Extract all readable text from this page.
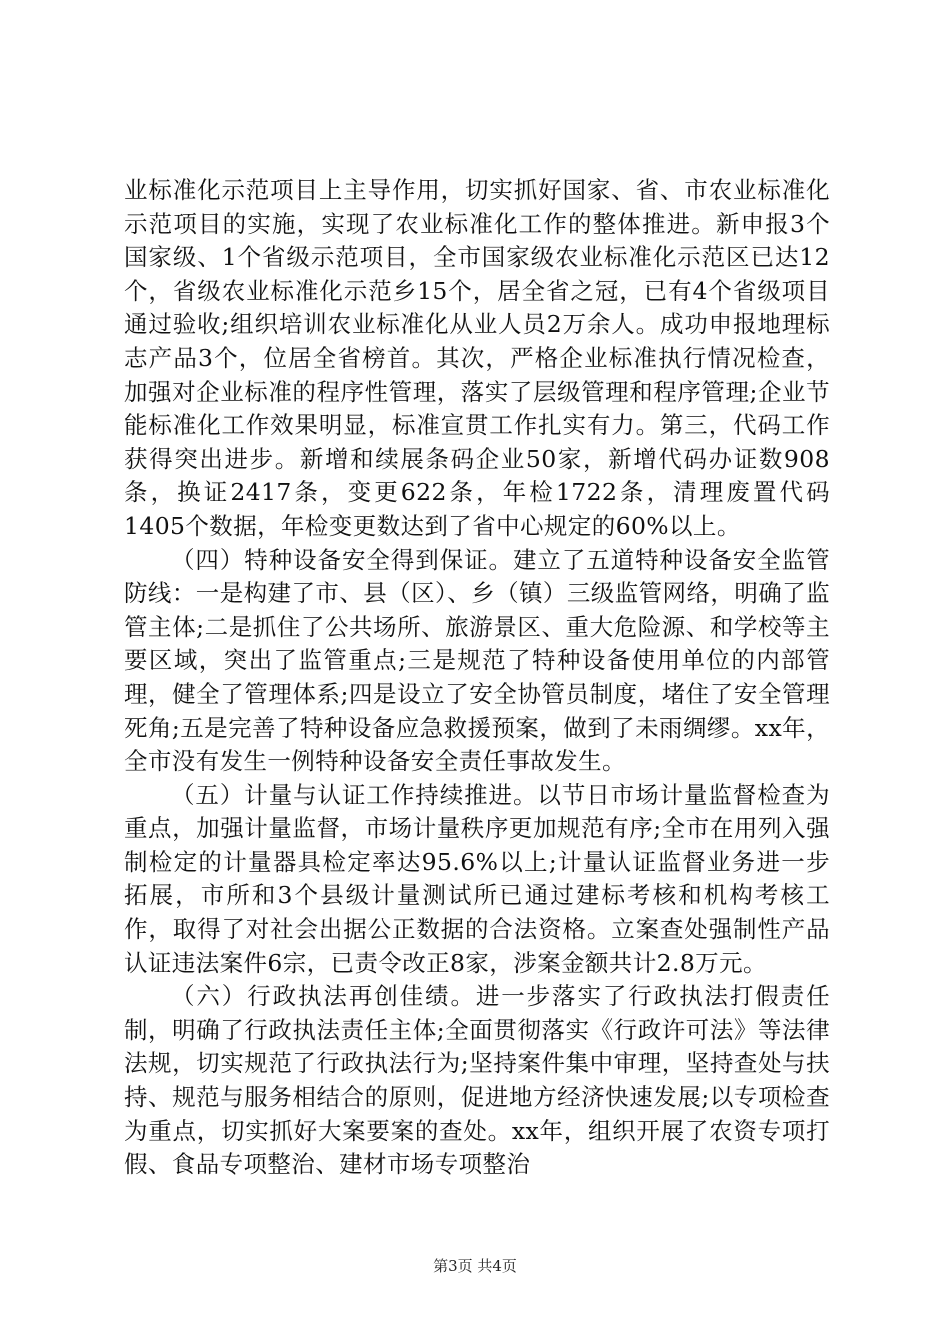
业标准化示范项目上主导作用，切实抓好国家、省、市农业标准化示范项目的实施，实现了农业标准化工作的整体推进。新申报3个国家级、1个省级示范项目，全市国家级农业标准化示范区已达12个，省级农业标准化示范乡15个，居全省之冠，已有4个省级项目通过验收;组织培训农业标准化从业人员2万余人。成功申报地理标志产品3个，位居全省榜首。其次，严格企业标准执行情况检查，加强对企业标准的程序性管理，落实了层级管理和程序管理;企业节能标准化工作效果明显，标准宣贯工作扎实有力。第三，代码工作获得突出进步。新增和续展条码企业50家，新增代码办证数908条，换证2417条，变更622条，年检1722条，清理废置代码1405个数据，年检变更数达到了省中心规定的60%以上。

（四）特种设备安全得到保证。建立了五道特种设备安全监管防线：一是构建了市、县（区）、乡（镇）三级监管网络，明确了监管主体;二是抓住了公共场所、旅游景区、重大危险源、和学校等主要区域，突出了监管重点;三是规范了特种设备使用单位的内部管理，健全了管理体系;四是设立了安全协管员制度，堵住了安全管理死角;五是完善了特种设备应急救援预案，做到了未雨绸缪。xx年，全市没有发生一例特种设备安全责任事故发生。

（五）计量与认证工作持续推进。以节日市场计量监督检查为重点，加强计量监督，市场计量秩序更加规范有序;全市在用列入强制检定的计量器具检定率达95.6%以上;计量认证监督业务进一步拓展，市所和3个县级计量测试所已通过建标考核和机构考核工作，取得了对社会出据公正数据的合法资格。立案查处强制性产品认证违法案件6宗，已责令改正8家，涉案金额共计2.8万元。

（六）行政执法再创佳绩。进一步落实了行政执法打假责任制，明确了行政执法责任主体;全面贯彻落实《行政许可法》等法律法规，切实规范了行政执法行为;坚持案件集中审理，坚持查处与扶持、规范与服务相结合的原则，促进地方经济快速发展;以专项检查为重点，切实抓好大案要案的查处。xx年，组织开展了农资专项打假、食品专项整治、建材市场专项整治

第3页 共4页
